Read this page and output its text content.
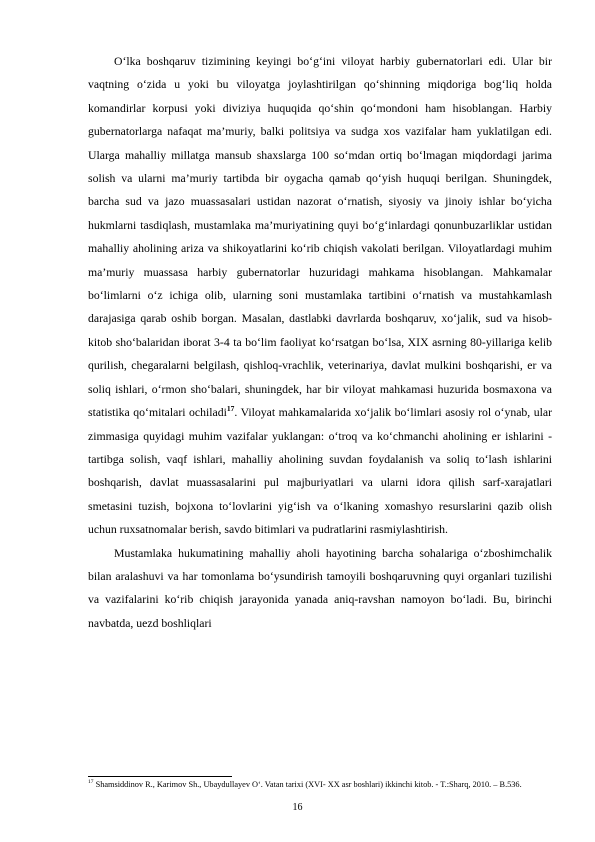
O‘lka boshqaruv tizimining keyingi bo‘g‘ini viloyat harbiy gubernatorlari edi. Ular bir vaqtning o‘zida u yoki bu viloyatga joylashtirilgan qo‘shinning miqdoriga bog‘liq holda komandirlar korpusi yoki diviziya huquqida qo‘shin qo‘mondoni ham hisoblangan. Harbiy gubernatorlarga nafaqat ma’muriy, balki politsiya va sudga xos vazifalar ham yuklatilgan edi. Ularga mahalliy millatga mansub shaxslarga 100 so‘mdan ortiq bo‘lmagan miqdordagi jarima solish va ularni ma’muriy tartibda bir oygacha qamab qo‘yish huquqi berilgan. Shuningdek, barcha sud va jazo muassasalari ustidan nazorat o‘rnatish, siyosiy va jinoiy ishlar bo‘yicha hukmlarni tasdiqlash, mustamlaka ma’muriyatining quyi bo‘g‘inlardagi qonunbuzarliklar ustidan mahalliy aholining ariza va shikoyatlarini ko‘rib chiqish vakolati berilgan. Viloyatlardagi muhim ma’muriy muassasa harbiy gubernatorlar huzuridagi mahkama hisoblangan. Mahkamalar bo‘limlarni o‘z ichiga olib, ularning soni mustamlaka tartibini o‘rnatish va mustahkamlash darajasiga qarab oshib borgan. Masalan, dastlabki davrlarda boshqaruv, xo‘jalik, sud va hisob-kitob sho‘balaridan iborat 3-4 ta bo‘lim faoliyat ko‘rsatgan bo‘lsa, XIX asrning 80-yillariga kelib qurilish, chegaralarni belgilash, qishloq-vrachlik, veterinariya, davlat mulkini boshqarishi, er va soliq ishlari, o‘rmon sho‘balari, shuningdek, har bir viloyat mahkamasi huzurida bosmaxona va statistika qo‘mitalari ochiladi$^{17}$. Viloyat mahkamalarida xo‘jalik bo‘limlari asosiy rol o‘ynab, ular zimmasiga quyidagi muhim vazifalar yuklangan: o‘troq va ko‘chmanchi aholining er ishlarini -tartibga solish, vaqf ishlari, mahalliy aholining suvdan foydalanish va soliq to‘lash ishlarini boshqarish, davlat muassasalarini pul majburiyatlari va ularni idora qilish sarf-xarajatlari smetasini tuzish, bojxona to‘lovlarini yig‘ish va o‘lkaning xomashyo resurslarini qazib olish uchun ruxsatnomalar berish, savdo bitimlari va pudratlarini rasmiylashtirish.

Mustamlaka hukumatining mahalliy aholi hayotining barcha sohalariga o‘zboshimchalik bilan aralashuvi va har tomonlama bo‘ysundirish tamoyili boshqaruvning quyi organlari tuzilishi va vazifalarini ko‘rib chiqish jarayonida yanada aniq-ravshan namoyon bo‘ladi. Bu, birinchi navbatda, uezd boshliqlari

$^{17}$ Shamsiddinov R., Karimov Sh., Ubaydullayev O‘. Vatan tarixi (XVI- XX asr boshlari) ikkinchi kitob. - T.:Sharq, 2010. – B.536.

16
